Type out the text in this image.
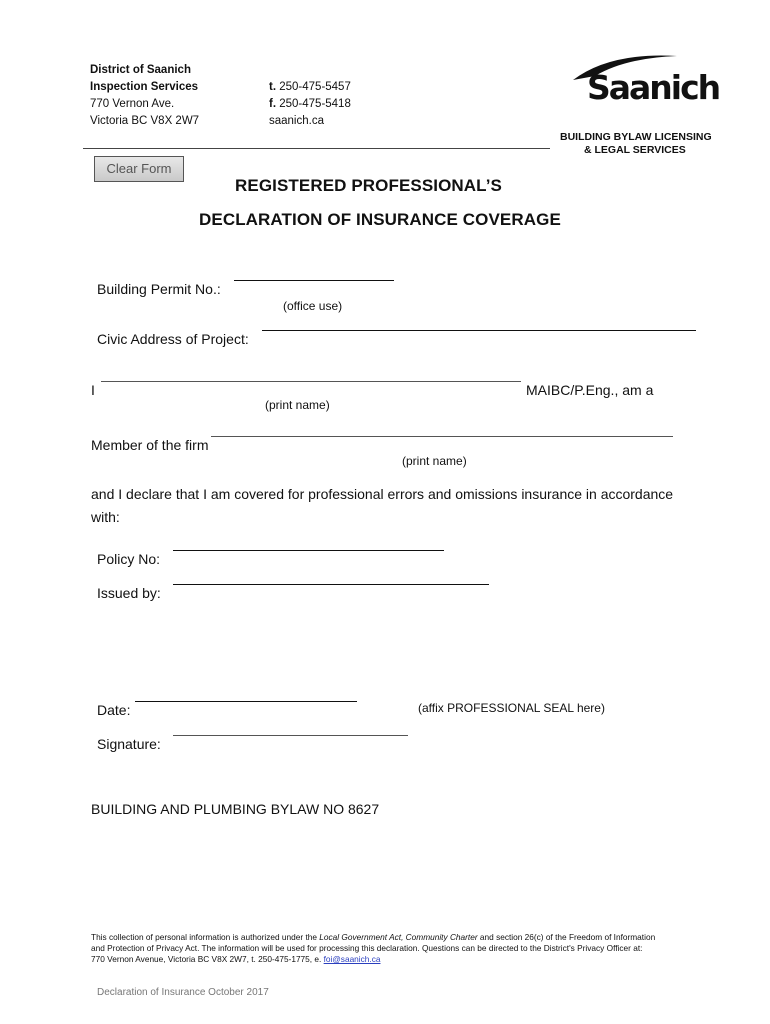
District of Saanich
Inspection Services
770 Vernon Ave.
Victoria BC V8X 2W7
t. 250-475-5457
f. 250-475-5418
saanich.ca
Saanich
BUILDING BYLAW LICENSING
& LEGAL SERVICES
Clear Form
REGISTERED PROFESSIONAL’S
DECLARATION OF INSURANCE COVERAGE
Building Permit No.:
(office use)
Civic Address of Project:
I	MAIBC/P.Eng., am a
(print name)
Member of the firm
(print name)
and I declare that I am covered for professional errors and omissions insurance in accordance
with:
Policy No:
Issued by:
Date:	(affix PROFESSIONAL SEAL here)
Signature:
BUILDING AND PLUMBING BYLAW NO 8627
This collection of personal information is authorized under the Local Government Act, Community Charter and section 26(c) of the Freedom of Information
and Protection of Privacy Act. The information will be used for processing this declaration. Questions can be directed to the District's Privacy Officer at:
770 Vernon Avenue, Victoria BC V8X 2W7, t. 250-475-1775, e. foi@saanich.ca
Declaration of Insurance October 2017
